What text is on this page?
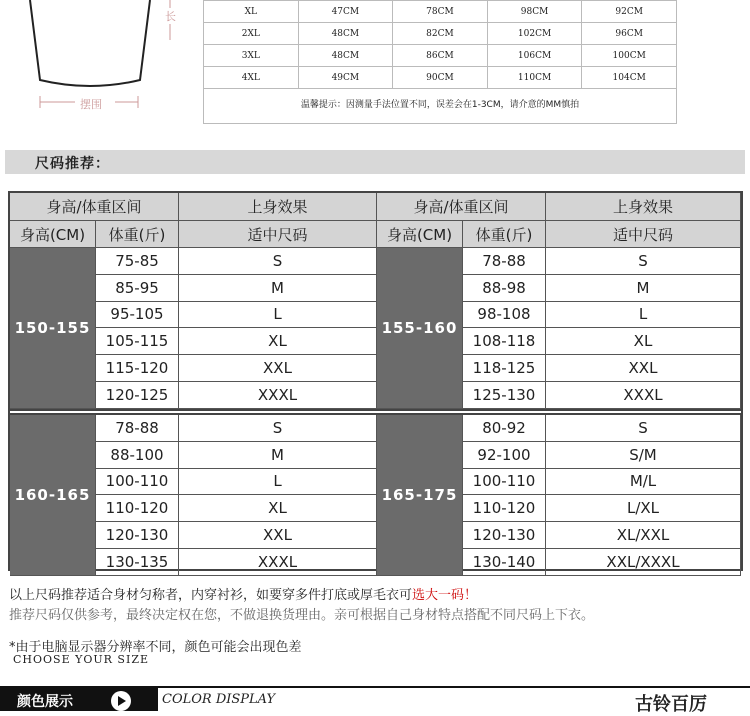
长
摆围
XL	47CM	78CM	98CM	92CM
2XL	48CM	82CM	102CM	96CM
3XL	48CM	86CM	106CM	100CM
4XL	49CM	90CM	110CM	104CM
温馨提示：因测量手法位置不同，误差会在1-3CM，请介意的MM慎拍
尺码推荐：
身高/体重区间	上身效果
身高(CM)	体重(斤)	适中尺码
身高/体重区间	上身效果
身高(CM)	体重(斤)	适中尺码
150-155
75-85	S
85-95	M
95-105	L
105-115	XL
115-120	XXL
120-125	XXXL
155-160
78-88	S
88-98	M
98-108	L
108-118	XL
118-125	XXL
125-130	XXXL
160-165
78-88	S
88-100	M
100-110	L
110-120	XL
120-130	XXL
130-135	XXXL
165-175
80-92	S
92-100	S/M
100-110	M/L
110-120	L/XL
120-130	XL/XXL
130-140	XXL/XXXL
以上尺码推荐适合身材匀称者，内穿衬衫，如要穿多件打底或厚毛衣可选大一码！
推荐尺码仅供参考，最终决定权在您，不做退换货理由。亲可根据自己身材特点搭配不同尺码上下衣。
*由于电脑显示器分辨率不同，颜色可能会出现色差
CHOOSE YOUR SIZE
颜色展示	COLOR DISPLAY	古铃百厉
